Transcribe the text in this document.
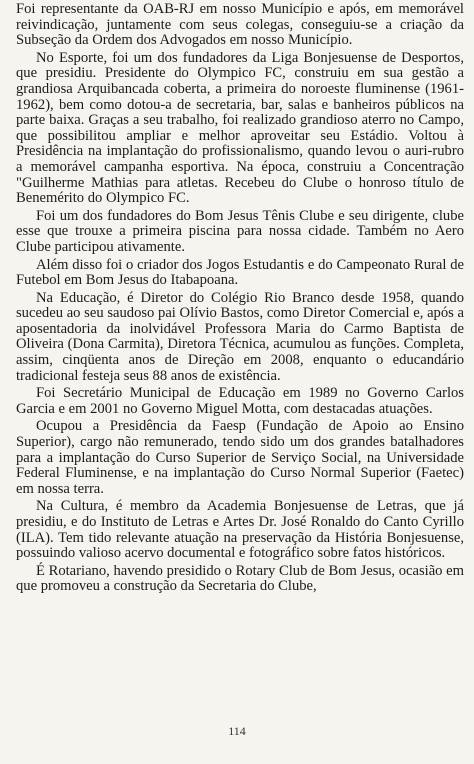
Foi representante da OAB-RJ em nosso Município e após, em memorável reivindicação, juntamente com seus colegas, conseguiu-se a criação da Subseção da Ordem dos Advogados em nosso Município.

No Esporte, foi um dos fundadores da Liga Bonjesuense de Desportos, que presidiu. Presidente do Olympico FC, construiu em sua gestão a grandiosa Arquibancada coberta, a primeira do noroeste fluminense (1961-1962), bem como dotou-a de secretaria, bar, salas e banheiros públicos na parte baixa. Graças a seu trabalho, foi realizado grandioso aterro no Campo, que possibilitou ampliar e melhor aproveitar seu Estádio. Voltou à Presidência na implantação do profissionalismo, quando levou o auri-rubro a memorável campanha esportiva. Na época, construiu a Concentração "Guilherme Mathias para atletas. Recebeu do Clube o honroso título de Benemérito do Olympico FC.

Foi um dos fundadores do Bom Jesus Tênis Clube e seu dirigente, clube esse que trouxe a primeira piscina para nossa cidade. Também no Aero Clube participou ativamente.

Além disso foi o criador dos Jogos Estudantis e do Campeonato Rural de Futebol em Bom Jesus do Itabapoana.

Na Educação, é Diretor do Colégio Rio Branco desde 1958, quando sucedeu ao seu saudoso pai Olívio Bastos, como Diretor Comercial e, após a aposentadoria da inolvidável Professora Maria do Carmo Baptista de Oliveira (Dona Carmita), Diretora Técnica, acumulou as funções. Completa, assim, cinqüenta anos de Direção em 2008, enquanto o educandário tradicional festeja seus 88 anos de existência.

Foi Secretário Municipal de Educação em 1989 no Governo Carlos Garcia e em 2001 no Governo Miguel Motta, com destacadas atuações.

Ocupou a Presidência da Faesp (Fundação de Apoio ao Ensino Superior), cargo não remunerado, tendo sido um dos grandes batalhadores para a implantação do Curso Superior de Serviço Social, na Universidade Federal Fluminense, e na implantação do Curso Normal Superior (Faetec) em nossa terra.

Na Cultura, é membro da Academia Bonjesuense de Letras, que já presidiu, e do Instituto de Letras e Artes Dr. José Ronaldo do Canto Cyrillo (ILA). Tem tido relevante atuação na preservação da História Bonjesuense, possuindo valioso acervo documental e fotográfico sobre fatos históricos.

É Rotariano, havendo presidido o Rotary Club de Bom Jesus, ocasião em que promoveu a construção da Secretaria do Clube,

114
